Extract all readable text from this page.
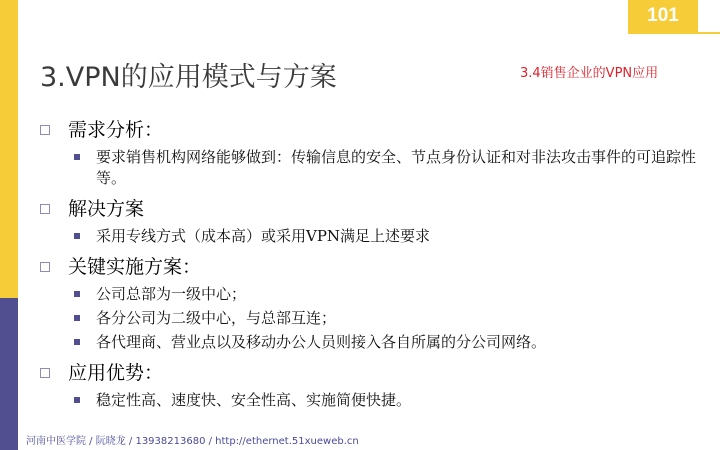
101
3.VPN的应用模式与方案	3.4销售企业的VPN应用
需求分析：
要求销售机构网络能够做到：传输信息的安全、节点身份认证和对非法攻击事件的可追踪性等。
解决方案
采用专线方式（成本高）或采用VPN满足上述要求
关键实施方案：
公司总部为一级中心；
各分公司为二级中心，与总部互连；
各代理商、营业点以及移动办公人员则接入各自所属的分公司网络。
应用优势：
稳定性高、速度快、安全性高、实施简便快捷。
河南中医学院 / 阮晓龙 / 13938213680 / http://ethernet.51xueweb.cn
